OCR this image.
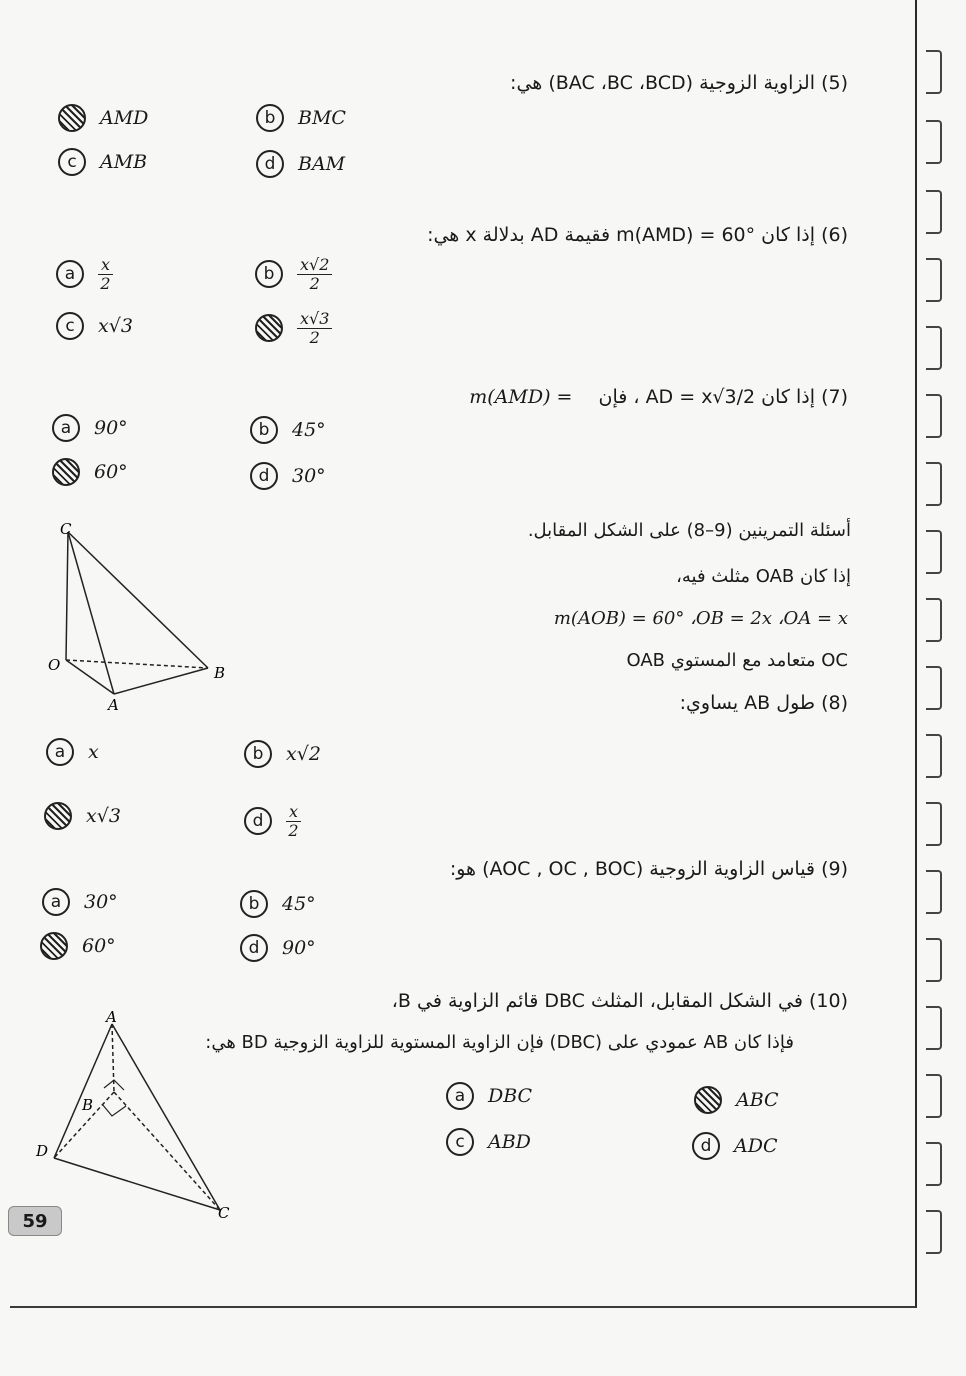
(5) الزاوية الزوجية (BAC ،BC ،BCD) هي:
AMD	b	BMC
c	AMB	d	BAM
(6) إذا كان m(AMD) = 60° فقيمة AD بدلالة x هي:
a	$\frac{x}{2}$	b	$\frac{x√2}{2}$
c	x√3	$\frac{x√3}{2}$
(7) إذا كان AD = x√3/2 ، فإن m(AMD) =
a	90°	b	45°
60°	d	30°
أسئلة التمرينين (9–8) على الشكل المقابل.
إذا كان OAB مثلث فيه،
m(AOB) = 60° ،OB = 2x ،OA = x
OC متعامد مع المستوي OAB
C
O	B
A	(8) طول AB يساوي:
a	x	b	x√2
x√3	d	$\frac{x}{2}$
(9) قياس الزاوية الزوجية (AOC , OC , BOC) هو:
a	30°	b	45°
60°	d	90°
(10) في الشكل المقابل، المثلث DBC قائم الزاوية في B،
فإذا كان AB عمودي على (DBC) فإن الزاوية المستوية للزاوية الزوجية BD هي:
a	DBC	ABC
c	ABD	d	ADC
A
B
D
C
59
